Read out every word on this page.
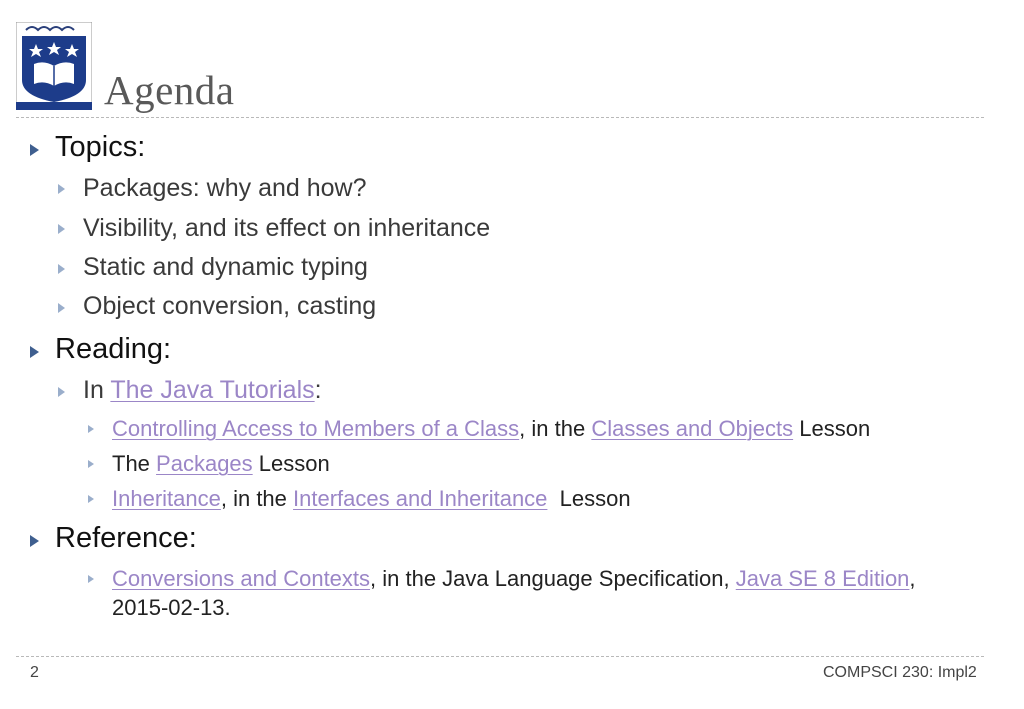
Agenda
Topics:
Packages: why and how?
Visibility, and its effect on inheritance
Static and dynamic typing
Object conversion, casting
Reading:
In The Java Tutorials:
Controlling Access to Members of a Class, in the Classes and Objects Lesson
The Packages Lesson
Inheritance, in the Interfaces and Inheritance Lesson
Reference:
Conversions and Contexts, in the Java Language Specification, Java SE 8 Edition,
2015-02-13.
2	COMPSCI 230: Impl2
